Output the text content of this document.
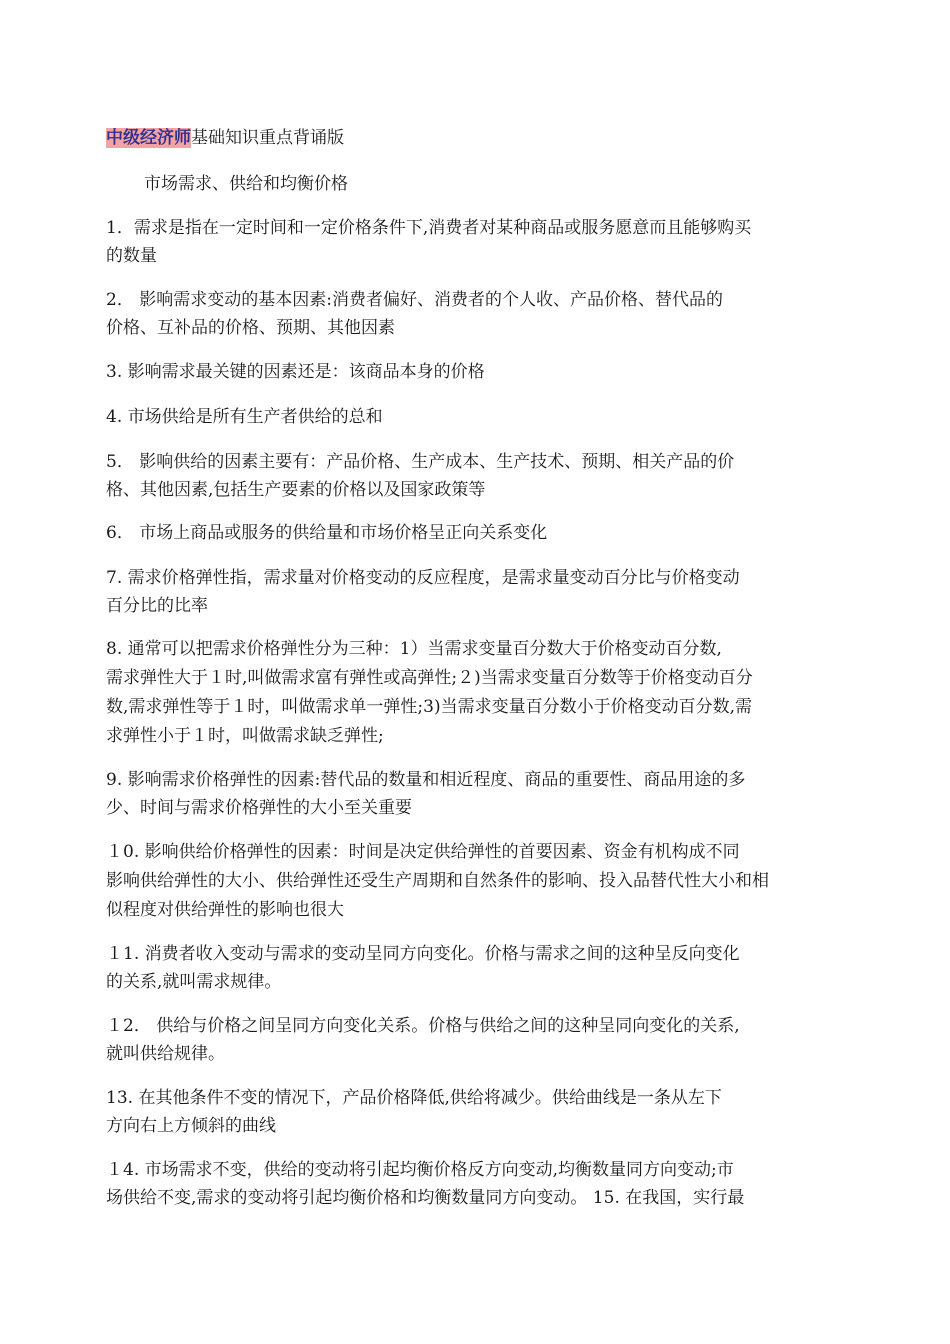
中级经济师基础知识重点背诵版
市场需求、供给和均衡价格
1．需求是指在一定时间和一定价格条件下,消费者对某种商品或服务愿意而且能够购买
的数量
2． 影响需求变动的基本因素:消费者偏好、消费者的个人收、产品价格、替代品的
价格、互补品的价格、预期、其他因素
3. 影响需求最关键的因素还是：该商品本身的价格
4. 市场供给是所有生产者供给的总和
5． 影响供给的因素主要有：产品价格、生产成本、生产技术、预期、相关产品的价
格、其他因素,包括生产要素的价格以及国家政策等
6． 市场上商品或服务的供给量和市场价格呈正向关系变化
7. 需求价格弹性指，需求量对价格变动的反应程度，是需求量变动百分比与价格变动
百分比的比率
8. 通常可以把需求价格弹性分为三种：1）当需求变量百分数大于价格变动百分数,
需求弹性大于１时,叫做需求富有弹性或高弹性;２)当需求变量百分数等于价格变动百分
数,需求弹性等于１时，叫做需求单一弹性;3)当需求变量百分数小于价格变动百分数,需
求弹性小于１时，叫做需求缺乏弹性;
9. 影响需求价格弹性的因素:替代品的数量和相近程度、商品的重要性、商品用途的多
少、时间与需求价格弹性的大小至关重要
１0. 影响供给价格弹性的因素：时间是决定供给弹性的首要因素、资金有机构成不同
影响供给弹性的大小、供给弹性还受生产周期和自然条件的影响、投入品替代性大小和相
似程度对供给弹性的影响也很大
１1. 消费者收入变动与需求的变动呈同方向变化。价格与需求之间的这种呈反向变化
的关系,就叫需求规律。
１2． 供给与价格之间呈同方向变化关系。价格与供给之间的这种呈同向变化的关系,
就叫供给规律。
13. 在其他条件不变的情况下，产品价格降低,供给将减少。供给曲线是一条从左下
方向右上方倾斜的曲线
１4. 市场需求不变，供给的变动将引起均衡价格反方向变动,均衡数量同方向变动;市
场供给不变,需求的变动将引起均衡价格和均衡数量同方向变动。 15. 在我国，实行最
